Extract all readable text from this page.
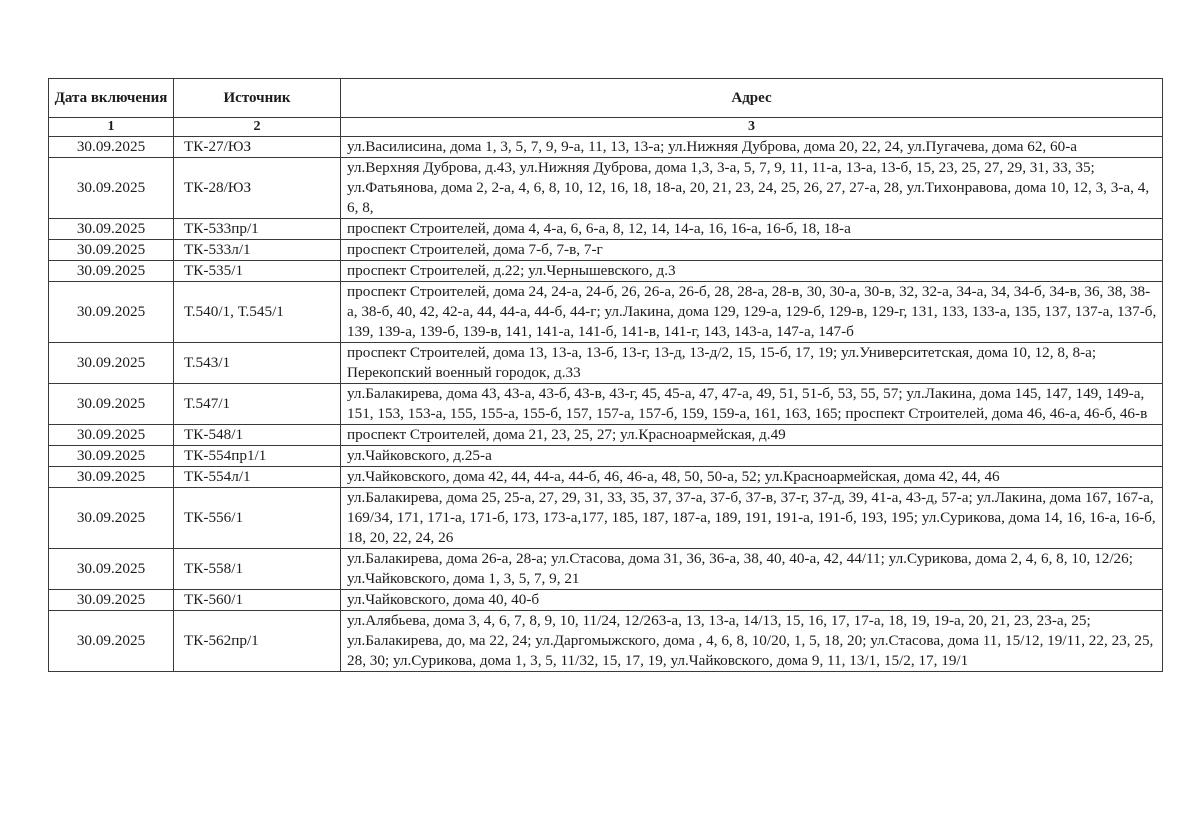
Дата включения	Источник	Адрес
1	2	3
30.09.2025	ТК-27/ЮЗ	ул.Василисина, дома 1, 3, 5, 7, 9, 9-а, 11, 13, 13-а; ул.Нижняя Дуброва, дома 20, 22, 24, ул.Пугачева, дома 62, 60-а
30.09.2025	ТК-28/ЮЗ	ул.Верхняя Дуброва, д.43, ул.Нижняя Дуброва, дома 1,3, 3-а, 5, 7, 9, 11, 11-а, 13-а, 13-б, 15, 23, 25, 27, 29, 31, 33, 35; ул.Фатьянова, дома 2, 2-а, 4, 6, 8, 10, 12, 16, 18, 18-а, 20, 21, 23, 24, 25, 26, 27, 27-а, 28, ул.Тихонравова, дома 10, 12, 3, 3-а, 4, 6, 8,
30.09.2025	ТК-533пр/1	проспект Строителей, дома 4, 4-а, 6, 6-а, 8, 12, 14, 14-а, 16, 16-а, 16-б, 18, 18-а
30.09.2025	ТК-533л/1	проспект Строителей, дома 7-б, 7-в, 7-г
30.09.2025	ТК-535/1	проспект Строителей, д.22; ул.Чернышевского, д.3
30.09.2025	Т.540/1, Т.545/1	проспект Строителей, дома 24, 24-а, 24-б, 26, 26-а, 26-б, 28, 28-а, 28-в, 30, 30-а, 30-в, 32, 32-а, 34-а, 34, 34-б, 34-в, 36, 38, 38-а, 38-б, 40, 42, 42-а, 44, 44-а, 44-б, 44-г; ул.Лакина, дома 129, 129-а, 129-б, 129-в, 129-г, 131, 133, 133-а, 135, 137, 137-а, 137-б, 139, 139-а, 139-б, 139-в, 141, 141-а, 141-б, 141-в, 141-г, 143, 143-а, 147-а, 147-б
30.09.2025	Т.543/1	проспект Строителей, дома 13, 13-а, 13-б, 13-г, 13-д, 13-д/2, 15, 15-б, 17, 19; ул.Университетская, дома 10, 12, 8, 8-а; Перекопский военный городок, д.33
30.09.2025	Т.547/1	ул.Балакирева, дома 43, 43-а, 43-б, 43-в, 43-г, 45, 45-а, 47, 47-а, 49, 51, 51-б, 53, 55, 57; ул.Лакина, дома 145, 147, 149, 149-а, 151, 153, 153-а, 155, 155-а, 155-б, 157, 157-а, 157-б, 159, 159-а, 161, 163, 165; проспект Строителей, дома 46, 46-а, 46-б, 46-в
30.09.2025	ТК-548/1	проспект Строителей, дома 21, 23, 25, 27; ул.Красноармейская, д.49
30.09.2025	ТК-554пр1/1	ул.Чайковского, д.25-а
30.09.2025	ТК-554л/1	ул.Чайковского, дома 42, 44, 44-а, 44-б, 46, 46-а, 48, 50, 50-а, 52; ул.Красноармейская, дома 42, 44, 46
30.09.2025	ТК-556/1	ул.Балакирева, дома 25, 25-а, 27, 29, 31, 33, 35, 37, 37-а, 37-б, 37-в, 37-г, 37-д, 39, 41-а, 43-д, 57-а; ул.Лакина, дома 167, 167-а, 169/34, 171, 171-а, 171-б, 173, 173-а,177, 185, 187, 187-а, 189, 191, 191-а, 191-б, 193, 195; ул.Сурикова, дома 14, 16, 16-а, 16-б, 18, 20, 22, 24, 26
30.09.2025	ТК-558/1	ул.Балакирева, дома 26-а, 28-а; ул.Стасова, дома 31, 36, 36-а, 38, 40, 40-а, 42, 44/11; ул.Сурикова, дома 2, 4, 6, 8, 10, 12/26; ул.Чайковского, дома 1, 3, 5, 7, 9, 21
30.09.2025	ТК-560/1	ул.Чайковского, дома 40, 40-б
30.09.2025	ТК-562пр/1	ул.Алябьева, дома 3, 4, 6, 7, 8, 9, 10, 11/24, 12/263-а, 13, 13-а, 14/13, 15, 16, 17, 17-а, 18, 19, 19-а, 20, 21, 23, 23-а, 25; ул.Балакирева, до, ма 22, 24; ул.Даргомыжского, дома , 4, 6, 8, 10/20, 1, 5, 18, 20; ул.Стасова, дома 11, 15/12, 19/11, 22, 23, 25, 28, 30; ул.Сурикова, дома 1, 3, 5, 11/32, 15, 17, 19, ул.Чайковского, дома 9, 11, 13/1, 15/2, 17, 19/1
